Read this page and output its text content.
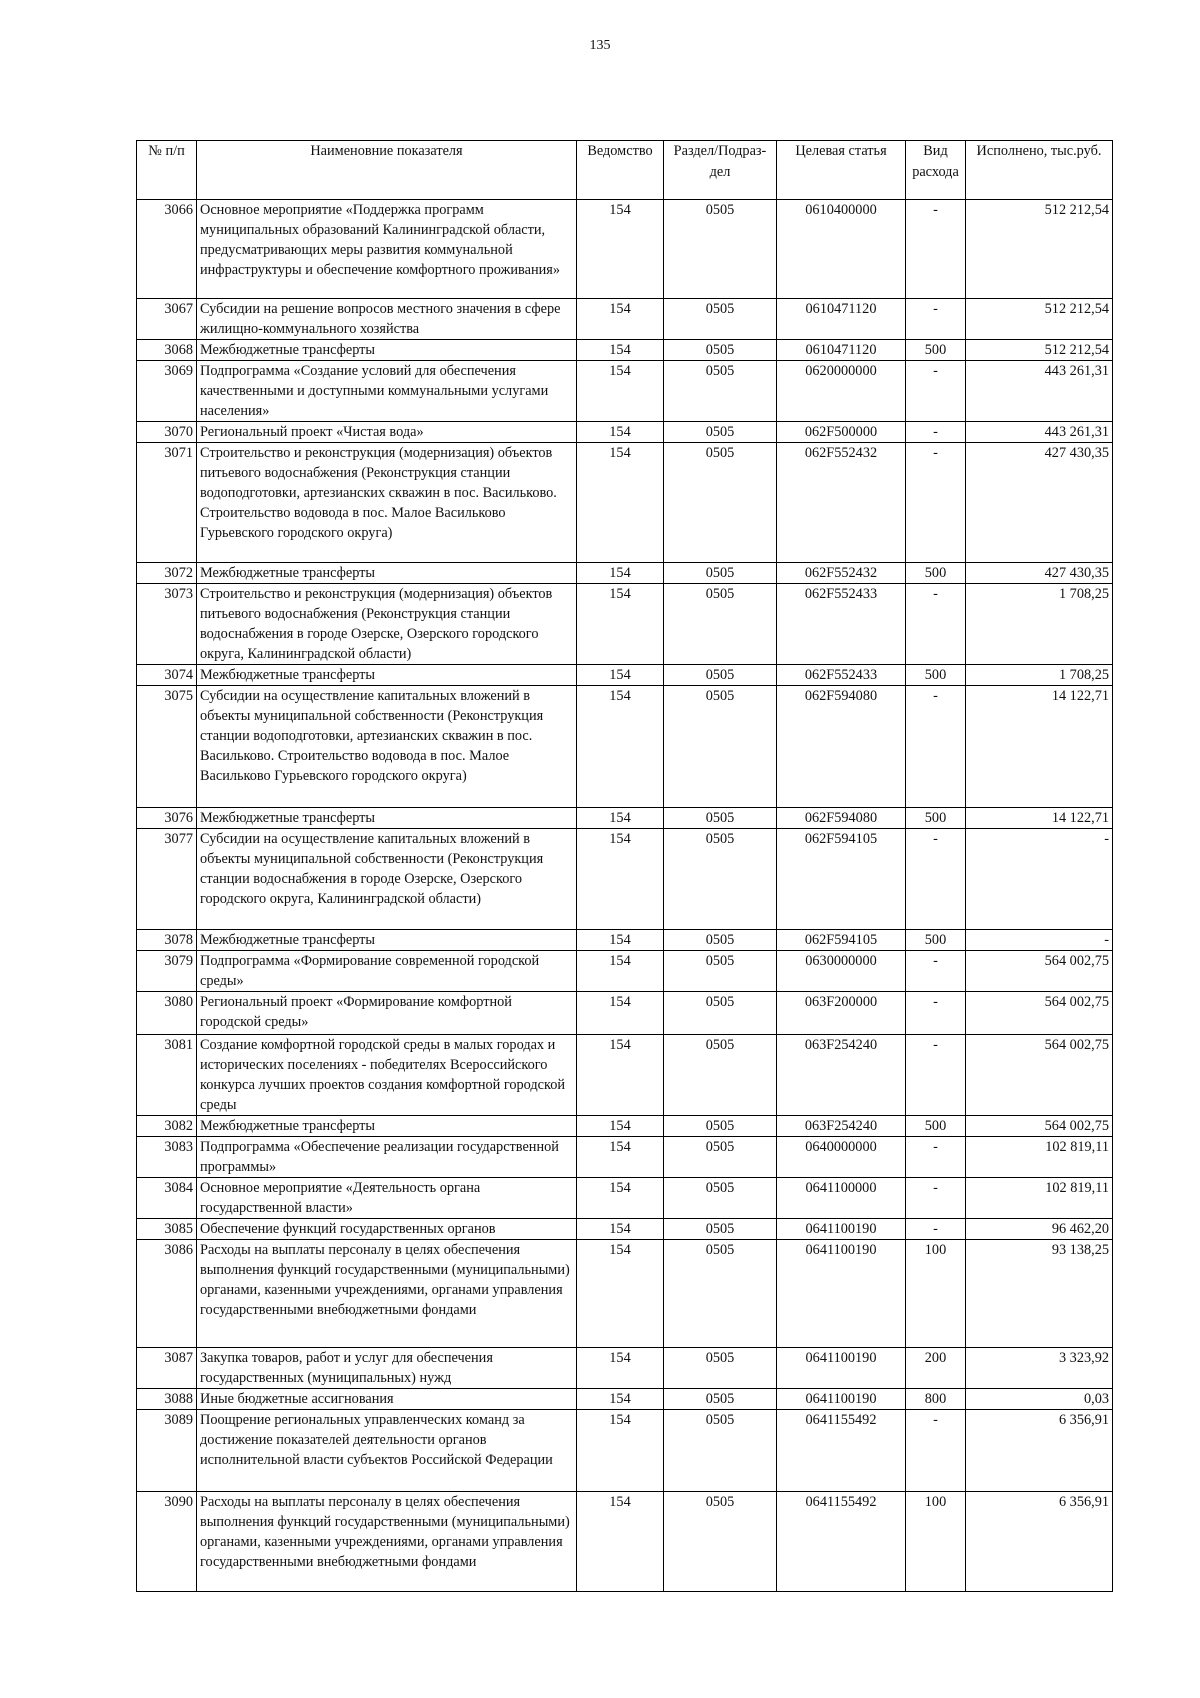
135
№ п/п	Наименовние показателя	Ведомство	Раздел/Подраз-дел	Целевая статья	Вид расхода	Исполнено, тыс.руб.
3066	Основное мероприятие «Поддержка программ муниципальных образований Калининградской области, предусматривающих меры развития коммунальной инфраструктуры и обеспечение комфортного проживания»	154	0505	0610400000	-	512 212,54
3067	Субсидии на решение вопросов местного значения в сфере жилищно-коммунального хозяйства	154	0505	0610471120	-	512 212,54
3068	Межбюджетные трансферты	154	0505	0610471120	500	512 212,54
3069	Подпрограмма «Создание условий для обеспечения качественными и доступными коммунальными услугами населения»	154	0505	0620000000	-	443 261,31
3070	Региональный проект «Чистая вода»	154	0505	062F500000	-	443 261,31
3071	Строительство и реконструкция (модернизация) объектов питьевого водоснабжения (Реконструкция станции водоподготовки, артезианских скважин в пос. Васильково. Строительство водовода в пос. Малое Васильково Гурьевского городского округа)	154	0505	062F552432	-	427 430,35
3072	Межбюджетные трансферты	154	0505	062F552432	500	427 430,35
3073	Строительство и реконструкция (модернизация) объектов питьевого водоснабжения (Реконструкция станции водоснабжения в городе Озерске, Озерского городского округа, Калининградской области)	154	0505	062F552433	-	1 708,25
3074	Межбюджетные трансферты	154	0505	062F552433	500	1 708,25
3075	Субсидии на осуществление капитальных вложений в объекты муниципальной собственности (Реконструкция станции водоподготовки, артезианских скважин в пос. Васильково. Строительство водовода в пос. Малое Васильково Гурьевского городского округа)	154	0505	062F594080	-	14 122,71
3076	Межбюджетные трансферты	154	0505	062F594080	500	14 122,71
3077	Субсидии на осуществление капитальных вложений в объекты муниципальной собственности (Реконструкция станции водоснабжения в городе Озерске, Озерского городского округа, Калининградской области)	154	0505	062F594105	-	-
3078	Межбюджетные трансферты	154	0505	062F594105	500	-
3079	Подпрограмма «Формирование современной городской среды»	154	0505	0630000000	-	564 002,75
3080	Региональный проект «Формирование комфортной городской среды»	154	0505	063F200000	-	564 002,75
3081	Создание комфортной городской среды в малых городах и исторических поселениях - победителях Всероссийского конкурса лучших проектов создания комфортной городской среды	154	0505	063F254240	-	564 002,75
3082	Межбюджетные трансферты	154	0505	063F254240	500	564 002,75
3083	Подпрограмма «Обеспечение реализации государственной программы»	154	0505	0640000000	-	102 819,11
3084	Основное мероприятие «Деятельность органа государственной власти»	154	0505	0641100000	-	102 819,11
3085	Обеспечение функций государственных органов	154	0505	0641100190	-	96 462,20
3086	Расходы на выплаты персоналу в целях обеспечения выполнения функций государственными (муниципальными) органами, казенными учреждениями, органами управления государственными внебюджетными фондами	154	0505	0641100190	100	93 138,25
3087	Закупка товаров, работ и услуг для обеспечения государственных (муниципальных) нужд	154	0505	0641100190	200	3 323,92
3088	Иные бюджетные ассигнования	154	0505	0641100190	800	0,03
3089	Поощрение региональных управленческих команд за достижение показателей деятельности органов исполнительной власти субъектов Российской Федерации	154	0505	0641155492	-	6 356,91
3090	Расходы на выплаты персоналу в целях обеспечения выполнения функций государственными (муниципальными) органами, казенными учреждениями, органами управления государственными внебюджетными фондами	154	0505	0641155492	100	6 356,91
